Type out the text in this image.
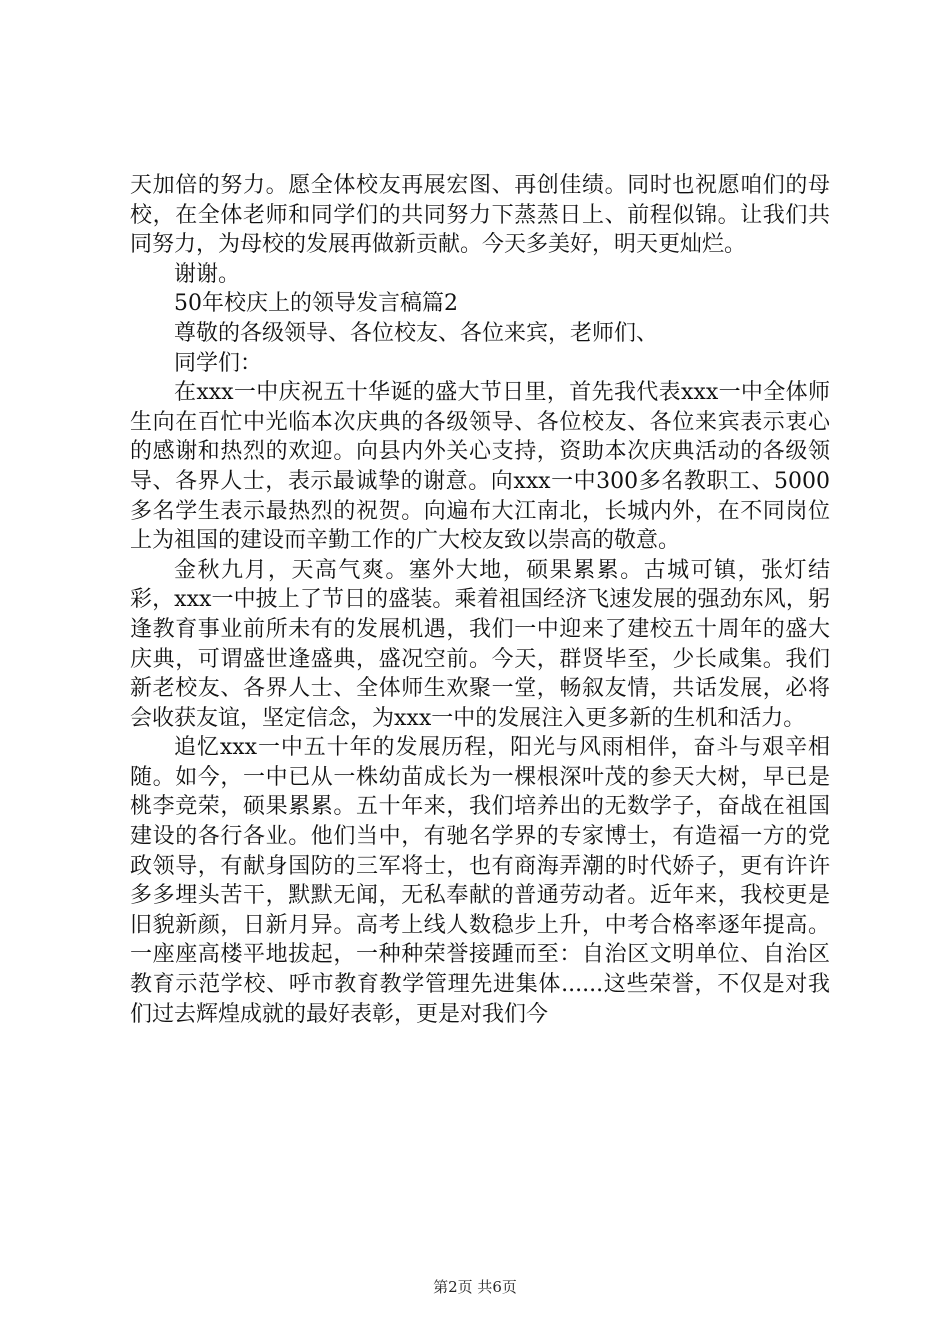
天加倍的努力。愿全体校友再展宏图、再创佳绩。同时也祝愿咱们的母校，在全体老师和同学们的共同努力下蒸蒸日上、前程似锦。让我们共同努力，为母校的发展再做新贡献。今天多美好，明天更灿烂。

谢谢。

50年校庆上的领导发言稿篇2

尊敬的各级领导、各位校友、各位来宾，老师们、

同学们：

在xxx一中庆祝五十华诞的盛大节日里，首先我代表xxx一中全体师生向在百忙中光临本次庆典的各级领导、各位校友、各位来宾表示衷心的感谢和热烈的欢迎。向县内外关心支持，资助本次庆典活动的各级领导、各界人士，表示最诚挚的谢意。向xxx一中300多名教职工、5000多名学生表示最热烈的祝贺。向遍布大江南北，长城内外，在不同岗位上为祖国的建设而辛勤工作的广大校友致以崇高的敬意。

金秋九月，天高气爽。塞外大地，硕果累累。古城可镇，张灯结彩，xxx一中披上了节日的盛装。乘着祖国经济飞速发展的强劲东风，躬逢教育事业前所未有的发展机遇，我们一中迎来了建校五十周年的盛大庆典，可谓盛世逢盛典，盛况空前。今天，群贤毕至，少长咸集。我们新老校友、各界人士、全体师生欢聚一堂，畅叙友情，共话发展，必将会收获友谊，坚定信念，为xxx一中的发展注入更多新的生机和活力。

追忆xxx一中五十年的发展历程，阳光与风雨相伴，奋斗与艰辛相随。如今，一中已从一株幼苗成长为一棵根深叶茂的参天大树，早已是桃李竞荣，硕果累累。五十年来，我们培养出的无数学子，奋战在祖国建设的各行各业。他们当中，有驰名学界的专家博士，有造福一方的党政领导，有献身国防的三军将士，也有商海弄潮的时代娇子，更有许许多多埋头苦干，默默无闻，无私奉献的普通劳动者。近年来，我校更是旧貌新颜，日新月异。高考上线人数稳步上升，中考合格率逐年提高。一座座高楼平地拔起，一种种荣誉接踵而至：自治区文明单位、自治区教育示范学校、呼市教育教学管理先进集体......这些荣誉，不仅是对我们过去辉煌成就的最好表彰，更是对我们今

第2页 共6页
